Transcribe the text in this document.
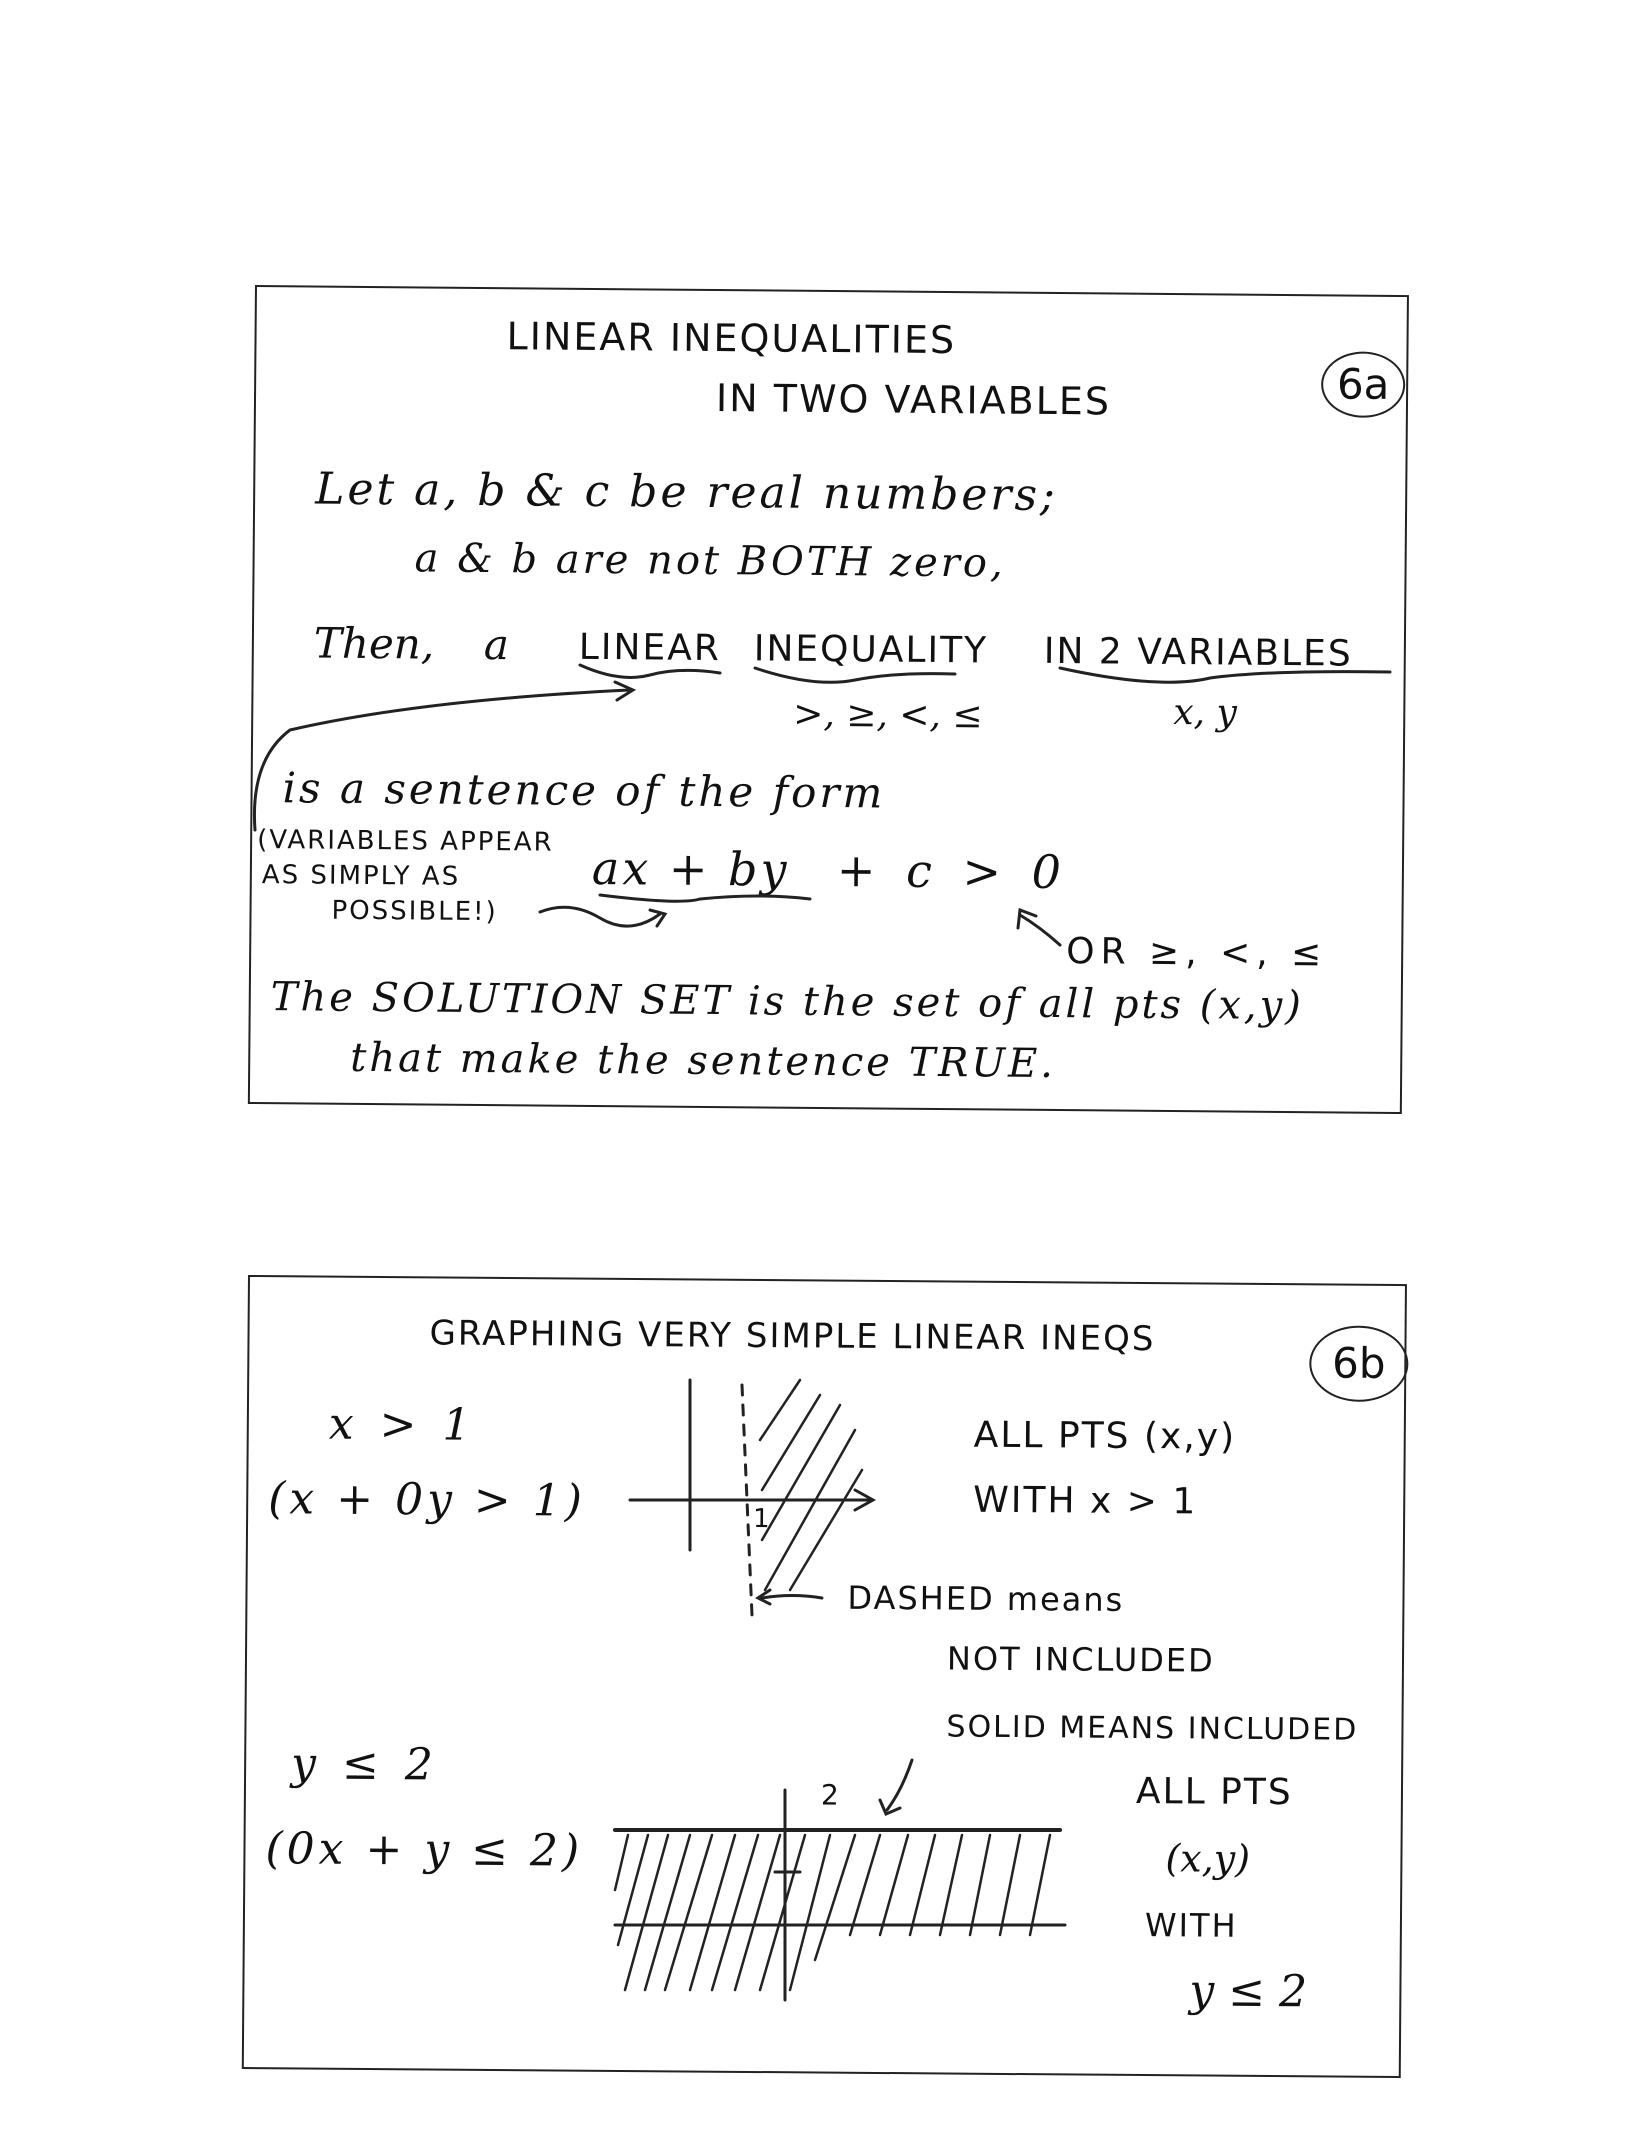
LINEAR INEQUALITIES
IN TWO VARIABLES	6a
Let a, b & c be real numbers;
a & b are not BOTH zero,
Then, a LINEAR INEQUALITY IN 2 VARIABLES
>, ≥, <, ≤	x, y
is a sentence of the form
(VARIABLES APPEAR
AS SIMPLY AS
POSSIBLE!)
ax + by + c > 0
OR ≥, <, ≤
The SOLUTION SET is the set of all pts (x,y)
that make the sentence TRUE.
GRAPHING VERY SIMPLE LINEAR INEQS
6b
x > 1
(x + 0y > 1)
ALL PTS (x,y)
WITH x > 1
DASHED means
NOT INCLUDED
SOLID MEANS INCLUDED
y ≤ 2
(0x + y ≤ 2)
ALL PTS
(x,y)
WITH
y ≤ 2
1
2
